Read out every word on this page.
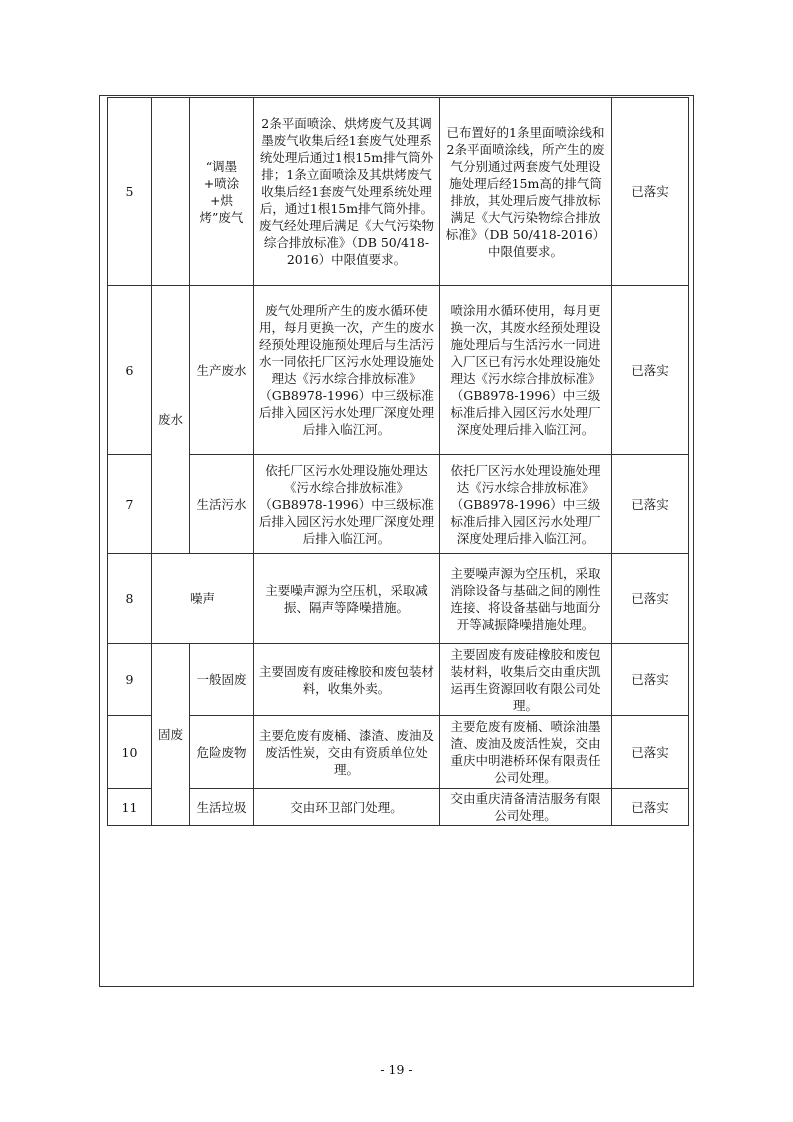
5		“调墨+喷涂+烘烤”废气	2条平面喷涂、烘烤废气及其调墨废气收集后经1套废气处理系统处理后通过1根15m排气筒外排；1条立面喷涂及其烘烤废气收集后经1套废气处理系统处理后，通过1根15m排气筒外排。废气经处理后满足《大气污染物综合排放标准》（DB 50/418-2016）中限值要求。	已布置好的1条里面喷涂线和2条平面喷涂线，所产生的废气分别通过两套废气处理设施处理后经15m高的排气筒排放，其处理后废气排放标满足《大气污染物综合排放标准》（DB 50/418-2016）中限值要求。	已落实
6	废水	生产废水	废气处理所产生的废水循环使用，每月更换一次，产生的废水经预处理设施预处理后与生活污水一同依托厂区污水处理设施处理达《污水综合排放标准》（GB8978-1996）中三级标准后排入园区污水处理厂深度处理后排入临江河。	喷涂用水循环使用，每月更换一次，其废水经预处理设施处理后与生活污水一同进入厂区已有污水处理设施处理达《污水综合排放标准》（GB8978-1996）中三级标准后排入园区污水处理厂深度处理后排入临江河。	已落实
7		生活污水	依托厂区污水处理设施处理达《污水综合排放标准》（GB8978-1996）中三级标准后排入园区污水处理厂深度处理后排入临江河。	依托厂区污水处理设施处理达《污水综合排放标准》（GB8978-1996）中三级标准后排入园区污水处理厂深度处理后排入临江河。	已落实
8	噪声		主要噪声源为空压机，采取减振、隔声等降噪措施。	主要噪声源为空压机，采取消除设备与基础之间的刚性连接、将设备基础与地面分开等减振降噪措施处理。	已落实
9	固废	一般固废	主要固废有废硅橡胶和废包装材料，收集外卖。	主要固废有废硅橡胶和废包装材料，收集后交由重庆凯运再生资源回收有限公司处理。	已落实
10		危险废物	主要危废有废桶、漆渣、废油及废活性炭，交由有资质单位处理。	主要危废有废桶、喷涂油墨渣、废油及废活性炭，交由重庆中明港桥环保有限责任公司处理。	已落实
11		生活垃圾	交由环卫部门处理。	交由重庆清备清洁服务有限公司处理。	已落实
- 19 -
